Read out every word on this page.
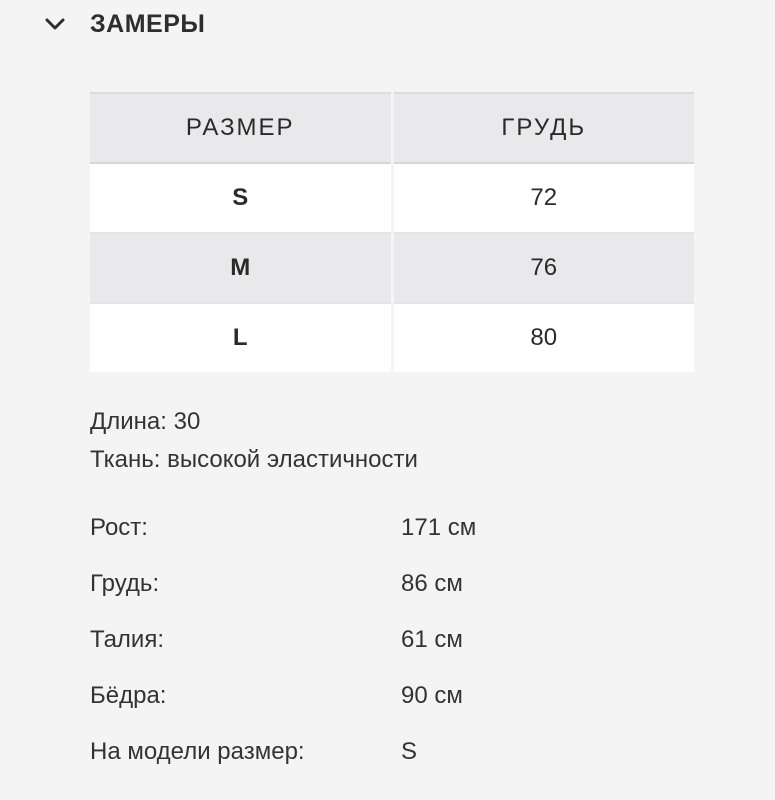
ЗАМЕРЫ
РАЗМЕР	ГРУДЬ
S	72
M	76
L	80
Длина: 30
Ткань: высокой эластичности
Рост:	171 см
Грудь:	86 см
Талия:	61 см
Бёдра:	90 см
На модели размер:	S
